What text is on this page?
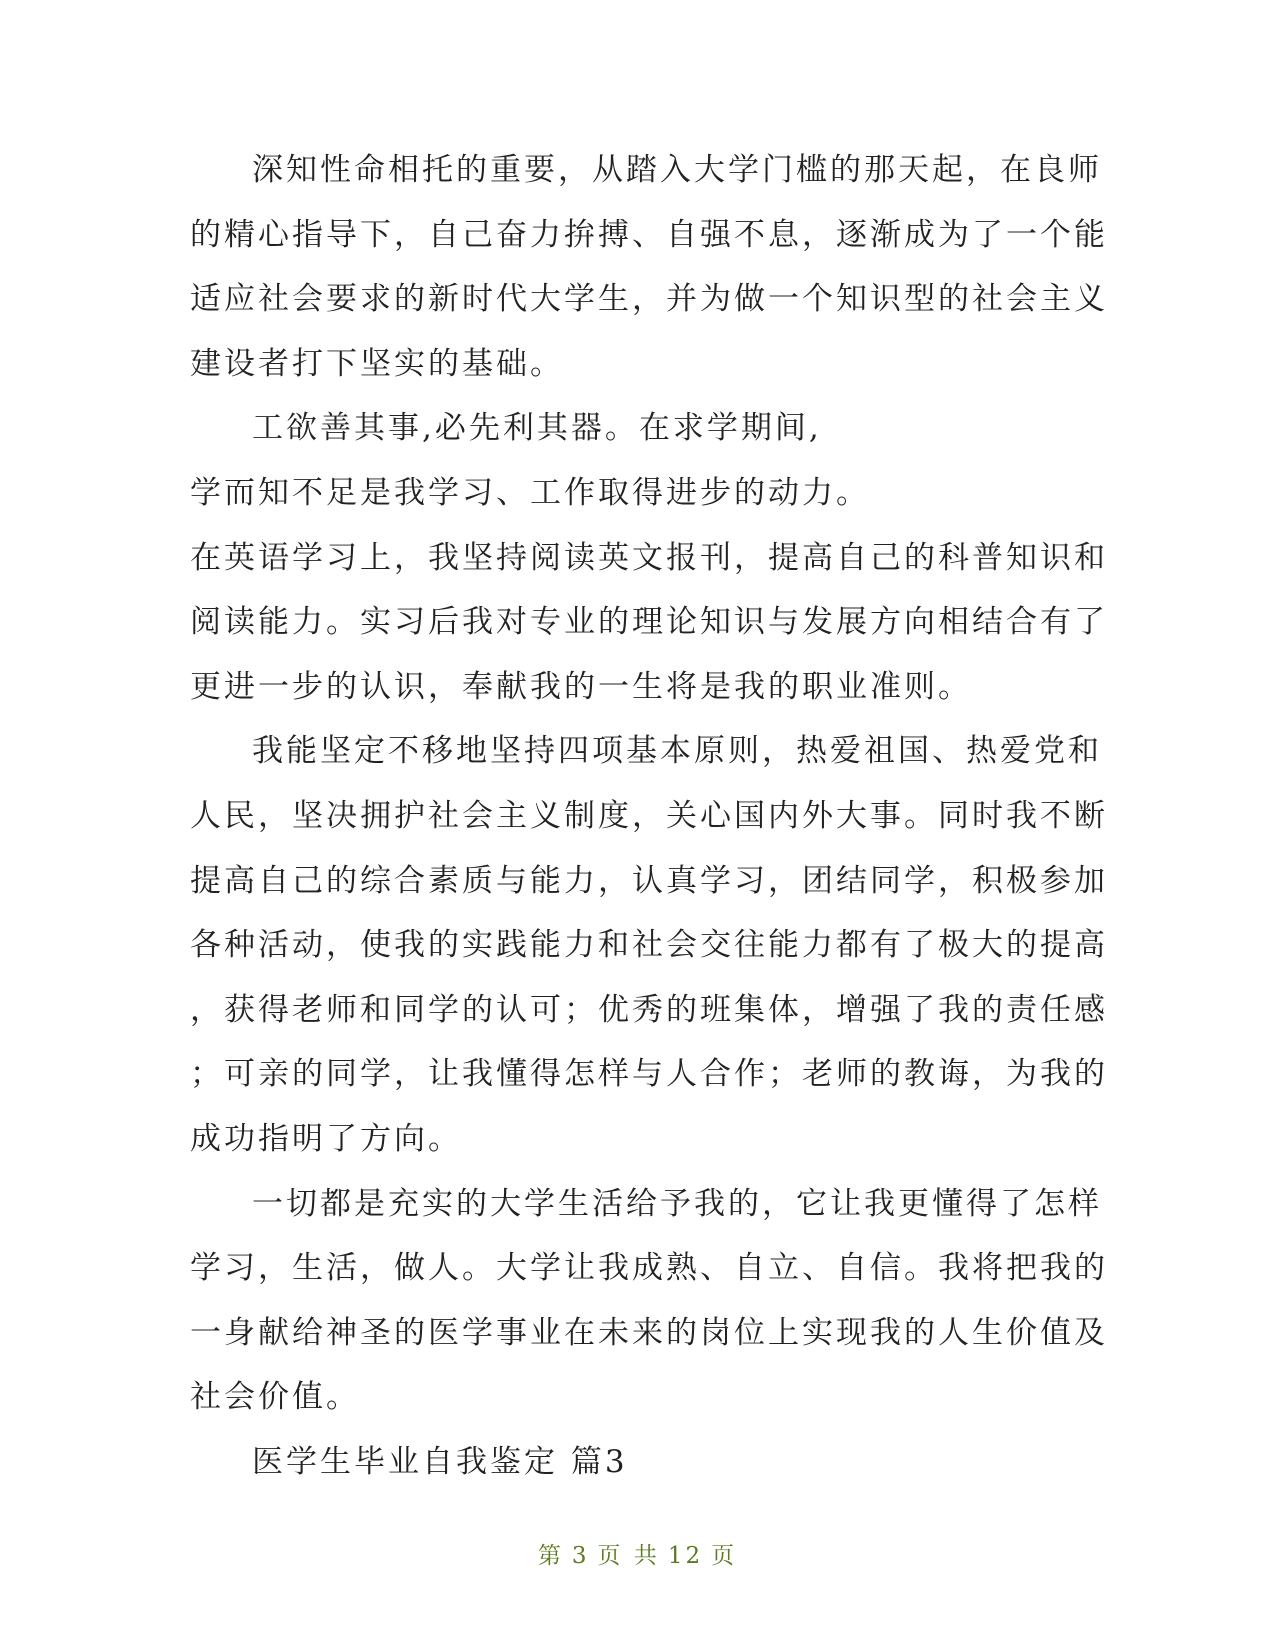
深 知 性 命 相 托 的 重 要 ， 从 踏 入 大 学 门 槛 的 那 天 起 ， 在 良 师
的 精 心 指 导 下 ， 自 己 奋 力 拚 搏 、 自 强 不 息 ， 逐 渐 成 为 了 一 个 能
适 应 社 会 要 求 的 新 时 代 大 学 生 ， 并 为 做 一 个 知 识 型 的 社 会 主 义
建设者打下坚实的基础。
工欲善其事,必先利其器。在求学期间,
学而知不足是我学习、工作取得进步的动力。
在 英 语 学 习 上 ， 我 坚 持 阅 读 英 文 报 刊 ， 提 高 自 己 的 科 普 知 识 和
阅 读 能 力 。 实 习 后 我 对 专 业 的 理 论 知 识 与 发 展 方 向 相 结 合 有 了
更进一步的认识，奉献我的一生将是我的职业准则。
我 能 坚 定 不 移 地 坚 持 四 项 基 本 原 则 ， 热 爱 祖 国 、 热 爱 党 和
人 民 ， 坚 决 拥 护 社 会 主 义 制 度 ， 关 心 国 内 外 大 事 。 同 时 我 不 断
提 高 自 己 的 综 合 素 质 与 能 力 ， 认 真 学 习 ， 团 结 同 学 ， 积 极 参 加
各 种 活 动 ， 使 我 的 实 践 能 力 和 社 会 交 往 能 力 都 有 了 极 大 的 提 高
， 获 得 老 师 和 同 学 的 认 可 ； 优 秀 的 班 集 体 ， 增 强 了 我 的 责 任 感
； 可 亲 的 同 学 ， 让 我 懂 得 怎 样 与 人 合 作 ； 老 师 的 教 诲 ， 为 我 的
成功指明了方向。
一 切 都 是 充 实 的 大 学 生 活 给 予 我 的 ， 它 让 我 更 懂 得 了 怎 样
学 习 ， 生 活 ， 做 人 。 大 学 让 我 成 熟 、 自 立 、 自 信 。 我 将 把 我 的
一 身 献 给 神 圣 的 医 学 事 业 在 未 来 的 岗 位 上 实 现 我 的 人 生 价 值 及
社会价值。
医学生毕业自我鉴定 篇3
第 3 页 共 12 页
